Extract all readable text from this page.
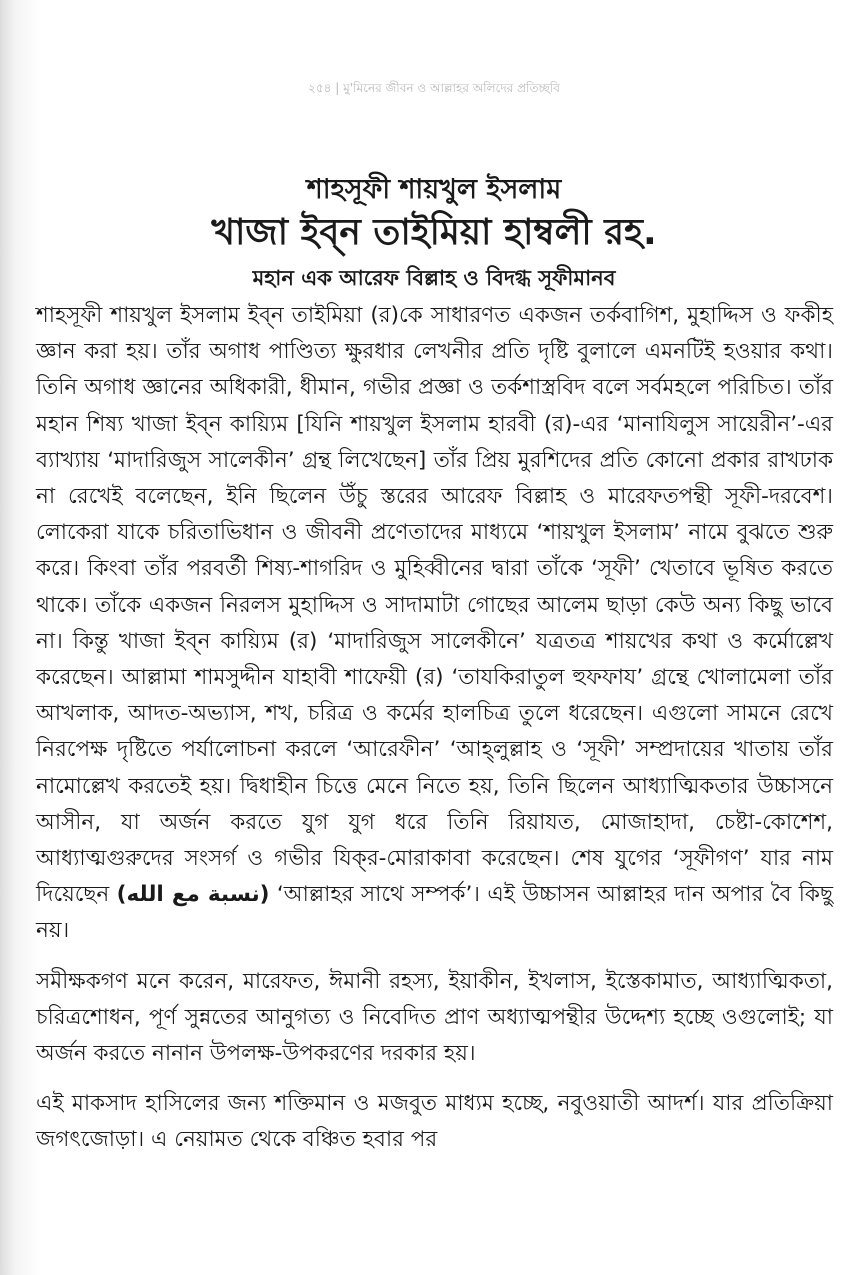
২৫৪ | মু'মিনের জীবন ও আল্লাহর অলিদের প্রতিচ্ছবি
শাহসূফী শায়খুল ইসলাম
খাজা ইব্‌ন তাইমিয়া হাম্বলী রহ.
মহান এক আরেফ বিল্লাহ ও বিদগ্ধ সূফীমানব

শাহসূফী শায়খুল ইসলাম ইব্‌ন তাইমিয়া (র)কে সাধারণত একজন তর্কবাগিশ, মুহাদ্দিস ও ফকীহ জ্ঞান করা হয়। তাঁর অগাধ পাণ্ডিত্য ক্ষুরধার লেখনীর প্রতি দৃষ্টি বুলালে এমনটিই হওয়ার কথা। তিনি অগাধ জ্ঞানের অধিকারী, ধীমান, গভীর প্রজ্ঞা ও তর্কশাস্ত্রবিদ বলে সর্বমহলে পরিচিত। তাঁর মহান শিষ্য খাজা ইব্‌ন কায়্যিম [যিনি শায়খুল ইসলাম হারবী (র)-এর ‘মানাযিলুস সায়েরীন’-এর ব্যাখ্যায় ‘মাদারিজুস সালেকীন’ গ্রন্থ লিখেছেন] তাঁর প্রিয় মুরশিদের প্রতি কোনো প্রকার রাখঢাক না রেখেই বলেছেন, ইনি ছিলেন উঁচু স্তরের আরেফ বিল্লাহ ও মারেফতপন্থী সূফী-দরবেশ। লোকেরা যাকে চরিতাভিধান ও জীবনী প্রণেতাদের মাধ্যমে ‘শায়খুল ইসলাম’ নামে বুঝতে শুরু করে। কিংবা তাঁর পরবর্তী শিষ্য-শাগরিদ ও মুহিব্বীনের দ্বারা তাঁকে ‘সূফী’ খেতাবে ভূষিত করতে থাকে। তাঁকে একজন নিরলস মুহাদ্দিস ও সাদামাটা গোছের আলেম ছাড়া কেউ অন্য কিছু ভাবে না। কিন্তু খাজা ইব্‌ন কায়্যিম (র) ‘মাদারিজুস সালেকীনে’ যত্রতত্র শায়খের কথা ও কর্মোল্লেখ করেছেন। আল্লামা শামসুদ্দীন যাহাবী শাফেয়ী (র) ‘তাযকিরাতুল হুফফায’ গ্রন্থে খোলামেলা তাঁর আখলাক, আদত-অভ্যাস, শখ, চরিত্র ও কর্মের হালচিত্র তুলে ধরেছেন। এগুলো সামনে রেখে নিরপেক্ষ দৃষ্টিতে পর্যালোচনা করলে ‘আরেফীন’ ‘আহ্‌লুল্লাহ ও ‘সূফী’ সম্প্রদায়ের খাতায় তাঁর নামোল্লেখ করতেই হয়। দ্বিধাহীন চিত্তে মেনে নিতে হয়, তিনি ছিলেন আধ্যাত্মিকতার উচ্চাসনে আসীন, যা অর্জন করতে যুগ যুগ ধরে তিনি রিয়াযত, মোজাহাদা, চেষ্টা-কোশেশ, আধ্যাত্মগুরুদের সংসর্গ ও গভীর যিক্‌র-মোরাকাবা করেছেন। শেষ যুগের ‘সূফীগণ’ যার নাম দিয়েছেন (نسبة مع الله) ‘আল্লাহর সাথে সম্পর্ক’। এই উচ্চাসন আল্লাহর দান অপার বৈ কিছু নয়।

সমীক্ষকগণ মনে করেন, মারেফত, ঈমানী রহস্য, ইয়াকীন, ইখলাস, ইস্তেকামাত, আধ্যাত্মিকতা, চরিত্রশোধন, পূর্ণ সুন্নতের আনুগত্য ও নিবেদিত প্রাণ অধ্যাত্মপন্থীর উদ্দেশ্য হচ্ছে ওগুলোই; যা অর্জন করতে নানান উপলক্ষ-উপকরণের দরকার হয়।

এই মাকসাদ হাসিলের জন্য শক্তিমান ও মজবুত মাধ্যম হচ্ছে, নবুওয়াতী আদর্শ। যার প্রতিক্রিয়া জগৎজোড়া। এ নেয়ামত থেকে বঞ্চিত হবার পর
